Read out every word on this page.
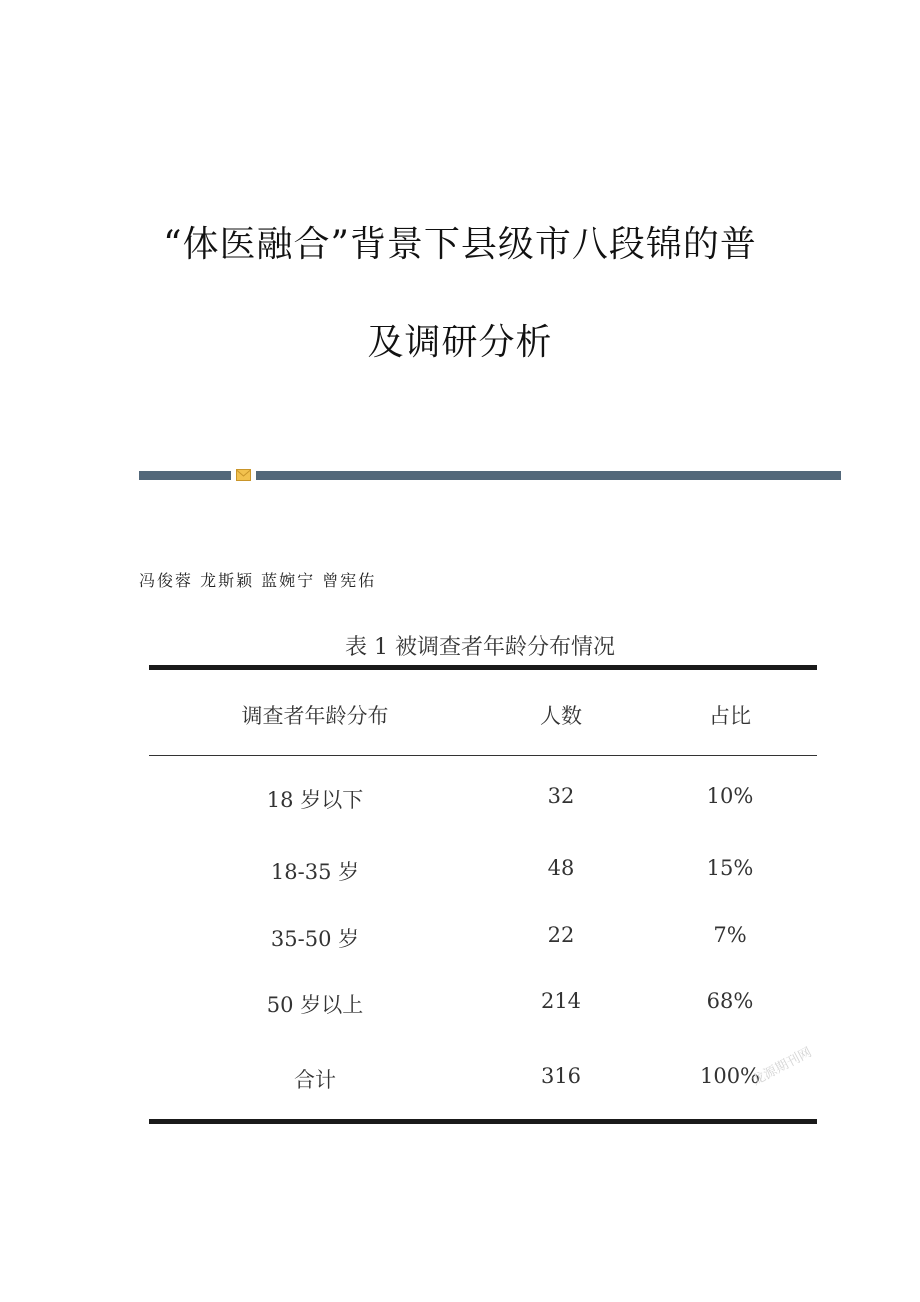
“体医融合”背景下县级市八段锦的普
及调研分析
冯俊蓉 龙斯颖 蓝婉宁 曾宪佑
表 1 被调查者年龄分布情况
调查者年龄分布	人数	占比
18 岁以下	32	10%
18-35 岁	48	15%
35-50 岁	22	7%
50 岁以上	214	68%
合计	316	100%
龙源期刊网
